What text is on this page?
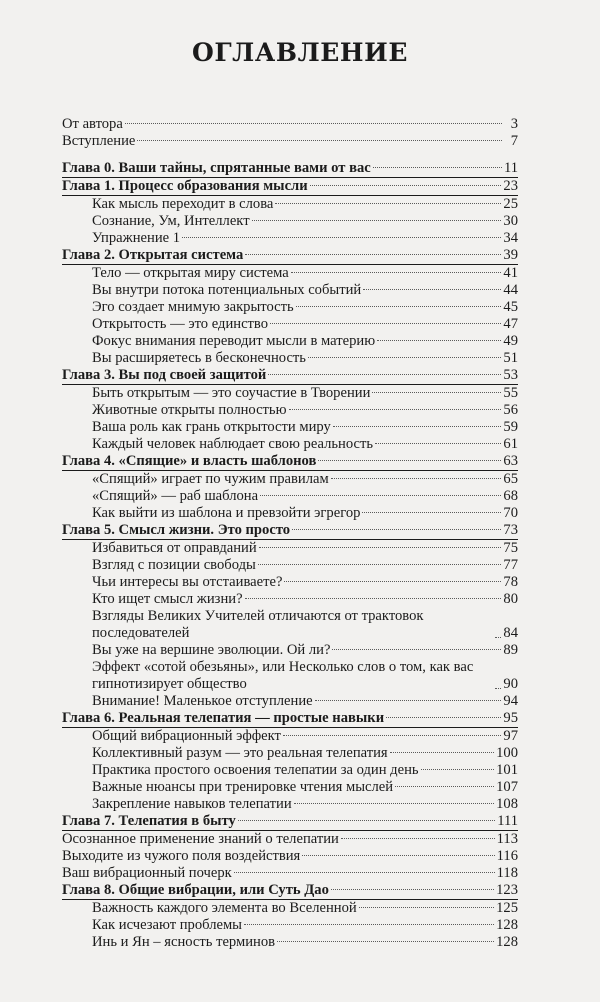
ОГЛАВЛЕНИЕ
От автора	3
Вступление	7
Глава 0. Ваши тайны, спрятанные вами от вас	11
Глава 1. Процесс образования мысли	23
Как мысль переходит в слова	25
Сознание, Ум, Интеллект	30
Упражнение 1	34
Глава 2. Открытая система	39
Тело — открытая миру система	41
Вы внутри потока потенциальных событий	44
Эго создает мнимую закрытость	45
Открытость — это единство	47
Фокус внимания переводит мысли в материю	49
Вы расширяетесь в бесконечность	51
Глава 3. Вы под своей защитой	53
Быть открытым — это соучастие в Творении	55
Животные открыты полностью	56
Ваша роль как грань открытости миру	59
Каждый человек наблюдает свою реальность	61
Глава 4. «Спящие» и власть шаблонов	63
«Спящий» играет по чужим правилам	65
«Спящий» — раб шаблона	68
Как выйти из шаблона и превзойти эгрегор	70
Глава 5. Смысл жизни. Это просто	73
Избавиться от оправданий	75
Взгляд с позиции свободы	77
Чьи интересы вы отстаиваете?	78
Кто ищет смысл жизни?	80
Взгляды Великих Учителей отличаются от трактовок последователей	84
Вы уже на вершине эволюции. Ой ли?	89
Эффект «сотой обезьяны», или Несколько слов о том, как вас гипнотизирует общество	90
Внимание! Маленькое отступление	94
Глава 6. Реальная телепатия — простые навыки	95
Общий вибрационный эффект	97
Коллективный разум — это реальная телепатия	100
Практика простого освоения телепатии за один день	101
Важные нюансы при тренировке чтения мыслей	107
Закрепление навыков телепатии	108
Глава 7. Телепатия в быту	111
Осознанное применение знаний о телепатии	113
Выходите из чужого поля воздействия	116
Ваш вибрационный почерк	118
Глава 8. Общие вибрации, или Суть Дао	123
Важность каждого элемента во Вселенной	125
Как исчезают проблемы	128
Инь и Ян – ясность терминов	128
